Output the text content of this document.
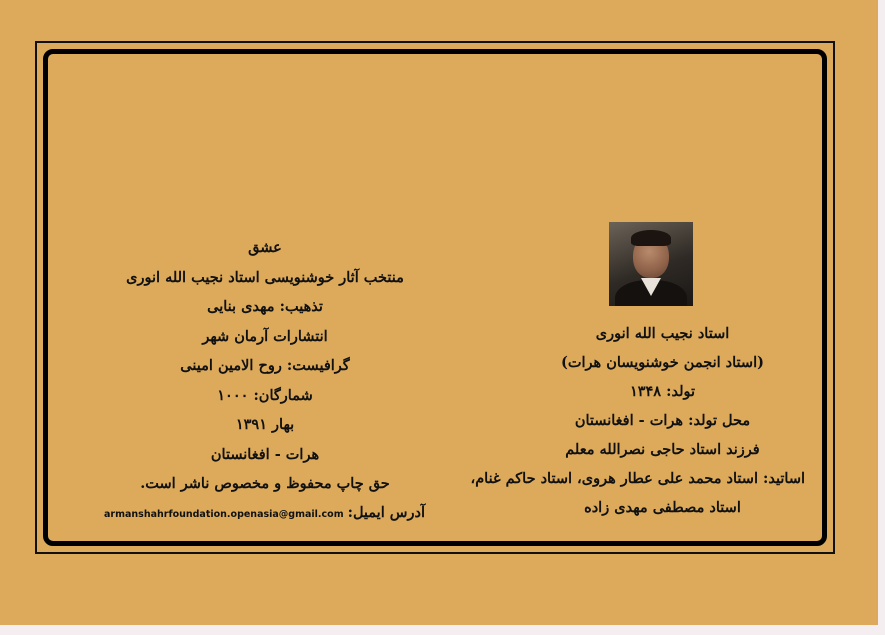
عشق
منتخب آثار خوشنویسی استاد نجیب الله انوری
تذهیب: مهدی بنایی
انتشارات آرمان شهر
گرافیست: روح الامین امینی
شمارگان: ۱۰۰۰
بهار ۱۳۹۱
هرات - افغانستان
حق چاپ محفوظ و مخصوص ناشر است.
آدرس ایمیل:armanshahrfoundation.openasia@gmail.com
استاد نجیب الله انوری
(استاد انجمن خوشنویسان هرات)
تولد: ۱۳۴۸
محل تولد: هرات - افغانستان
فرزند استاد حاجی نصرالله معلم
اساتید: استاد محمد علی عطار هروی، استاد حاکم غنام،
استاد مصطفی مهدی زاده
